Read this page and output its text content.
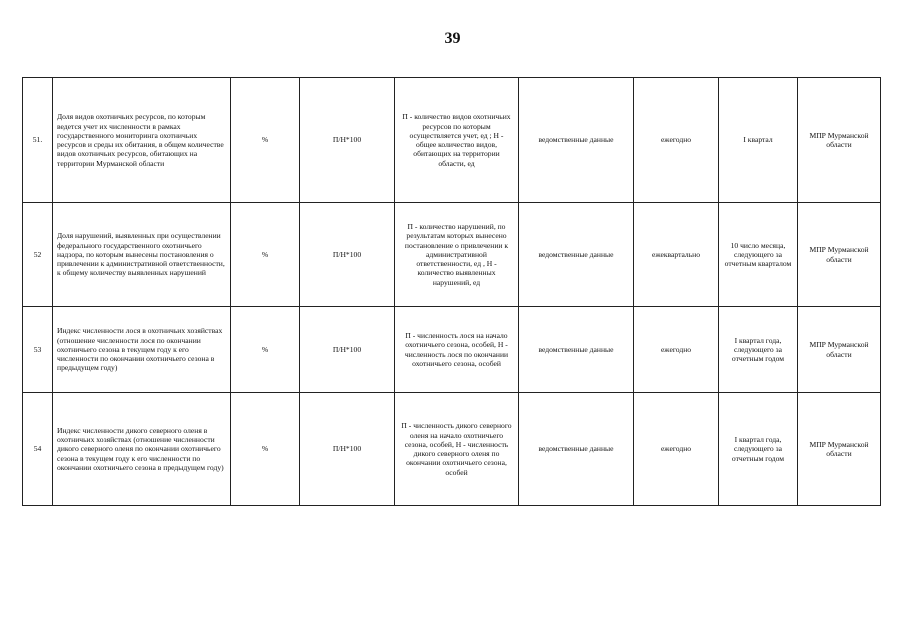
39
51.	Доля видов охотничьих ресурсов, по которым ведется учет их численности в рамках государственного мониторинга охотничьих ресурсов и среды их обитания, в общем количестве видов охотничьих ресурсов, обитающих на территории Мурманской области	%	П/Н*100	П - количество видов охотничьих ресурсов по которым осуществляется учет, ед ; Н - общее количество видов, обитающих на территории области, ед	ведомственные данные	ежегодно	I квартал	МПР Мурманской области
52	Доля нарушений, выявленных при осуществлении федерального государственного охотничьего надзора, по которым вынесены постановления о привлечении к административной ответственности, к общему количеству выявленных нарушений	%	П/Н*100	П - количество нарушений, по результатам которых вынесено постановление о привлечении к административной ответственности, ед , Н - количество выявленных нарушений, ед	ведомственные данные	ежеквартально	10 число месяца, следующего за отчетным кварталом	МПР Мурманской области
53	Индекс численности лося в охотничьих хозяйствах (отношение численности лося по окончании охотничьего сезона в текущем году к его численности по окончании охотничьего сезона в предыдущем году)	%	П/Н*100	П - численность лося на начало охотничьего сезона, особей, Н - численность лося по окончании охотничьего сезона, особей	ведомственные данные	ежегодно	I квартал года, следующего за отчетным годом	МПР Мурманской области
54	Индекс численности дикого северного оленя в охотничьих хозяйствах (отношение численности дикого северного оленя по окончании охотничьего сезона в текущем году к его численности по окончании охотничьего сезона в предыдущем году)	%	П/Н*100	П - численность дикого северного оленя на начало охотничьего сезона, особей, Н - численность дикого северного оленя по окончании охотничьего сезона, особей	ведомственные данные	ежегодно	I квартал года, следующего за отчетным годом	МПР Мурманской области
